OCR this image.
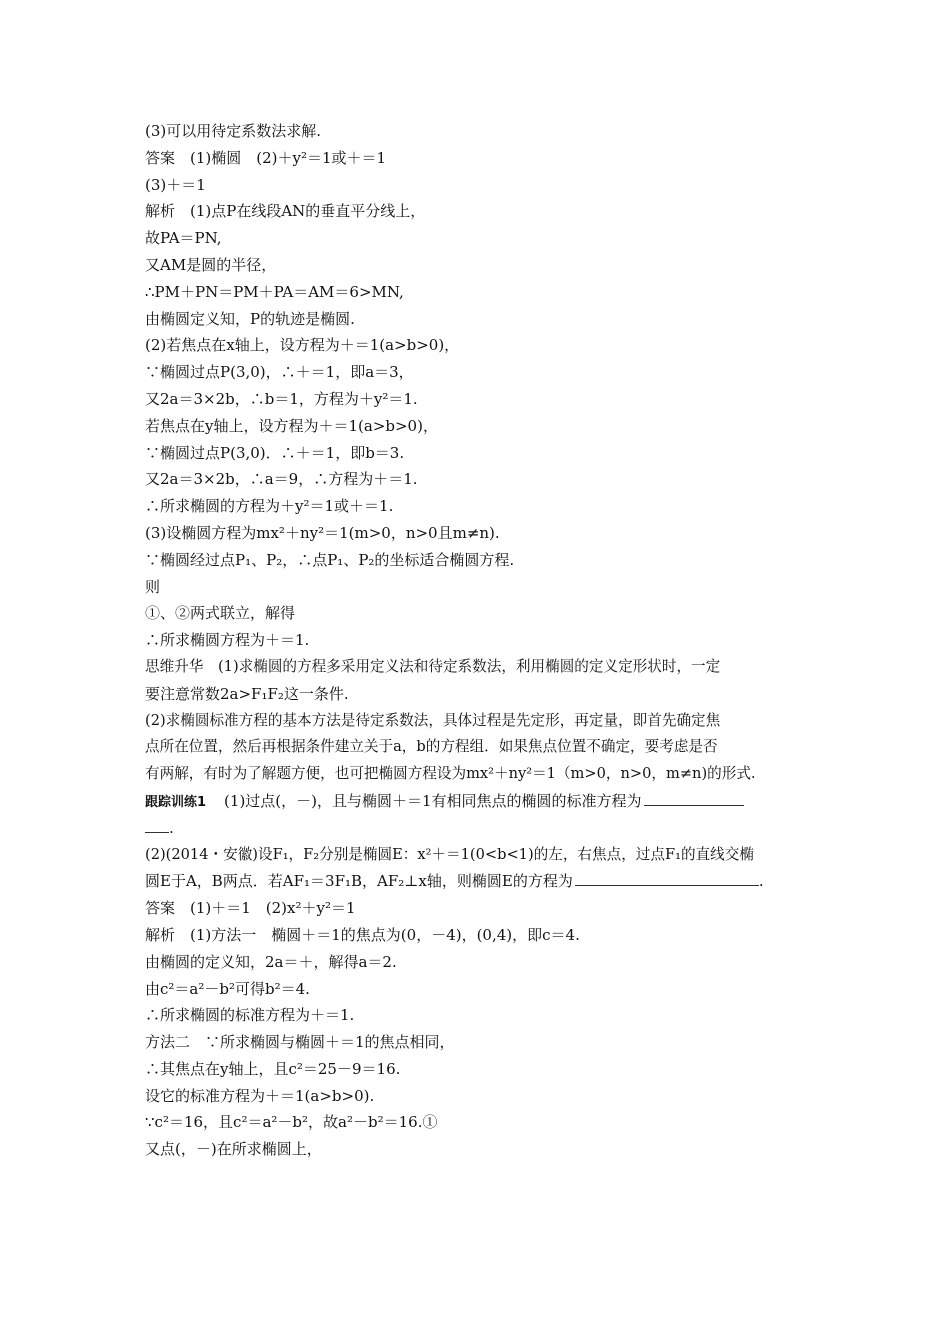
(3)可以用待定系数法求解.
答案　(1)椭圆　(2)＋y²＝1或＋＝1
(3)＋＝1
解析　(1)点P在线段AN的垂直平分线上，
故PA＝PN,
又AM是圆的半径，
∴PM＋PN＝PM＋PA＝AM＝6>MN,
由椭圆定义知，P的轨迹是椭圆.
(2)若焦点在x轴上，设方程为＋＝1(a>b>0)，
∵椭圆过点P(3,0)，∴＋＝1，即a＝3，
又2a＝3×2b，∴b＝1，方程为＋y²＝1.
若焦点在y轴上，设方程为＋＝1(a>b>0)，
∵椭圆过点P(3,0)．∴＋＝1，即b＝3.
又2a＝3×2b，∴a＝9，∴方程为＋＝1.
∴所求椭圆的方程为＋y²＝1或＋＝1.
(3)设椭圆方程为mx²＋ny²＝1(m>0，n>0且m≠n).
∵椭圆经过点P₁、P₂，∴点P₁、P₂的坐标适合椭圆方程.
则
①、②两式联立，解得
∴所求椭圆方程为＋＝1.
思维升华　(1)求椭圆的方程多采用定义法和待定系数法，利用椭圆的定义定形状时，一定
要注意常数2a>F₁F₂这一条件.
(2)求椭圆标准方程的基本方法是待定系数法，具体过程是先定形，再定量，即首先确定焦
点所在位置，然后再根据条件建立关于a，b的方程组．如果焦点位置不确定，要考虑是否
有两解，有时为了解题方便，也可把椭圆方程设为mx²＋ny²＝1（m>0，n>0，m≠n)的形式.
跟踪训练1 (1)过点(，－)，且与椭圆＋＝1有相同焦点的椭圆的标准方程为
.
(2)(2014・安徽)设F₁，F₂分别是椭圆E：x²＋＝1(0<b<1)的左，右焦点，过点F₁的直线交椭
圆E于A，B两点．若AF₁＝3F₁B，AF₂⊥x轴，则椭圆E的方程为	.
答案　(1)＋＝1　(2)x²＋y²＝1
解析　(1)方法一　椭圆＋＝1的焦点为(0，－4)，(0,4)，即c＝4.
由椭圆的定义知，2a＝＋，解得a＝2.
由c²＝a²－b²可得b²＝4.
∴所求椭圆的标准方程为＋＝1.
方法二　∵所求椭圆与椭圆＋＝1的焦点相同，
∴其焦点在y轴上，且c²＝25－9＝16.
设它的标准方程为＋＝1(a>b>0).
∵c²＝16，且c²＝a²－b²，故a²－b²＝16.①
又点(，－)在所求椭圆上，
